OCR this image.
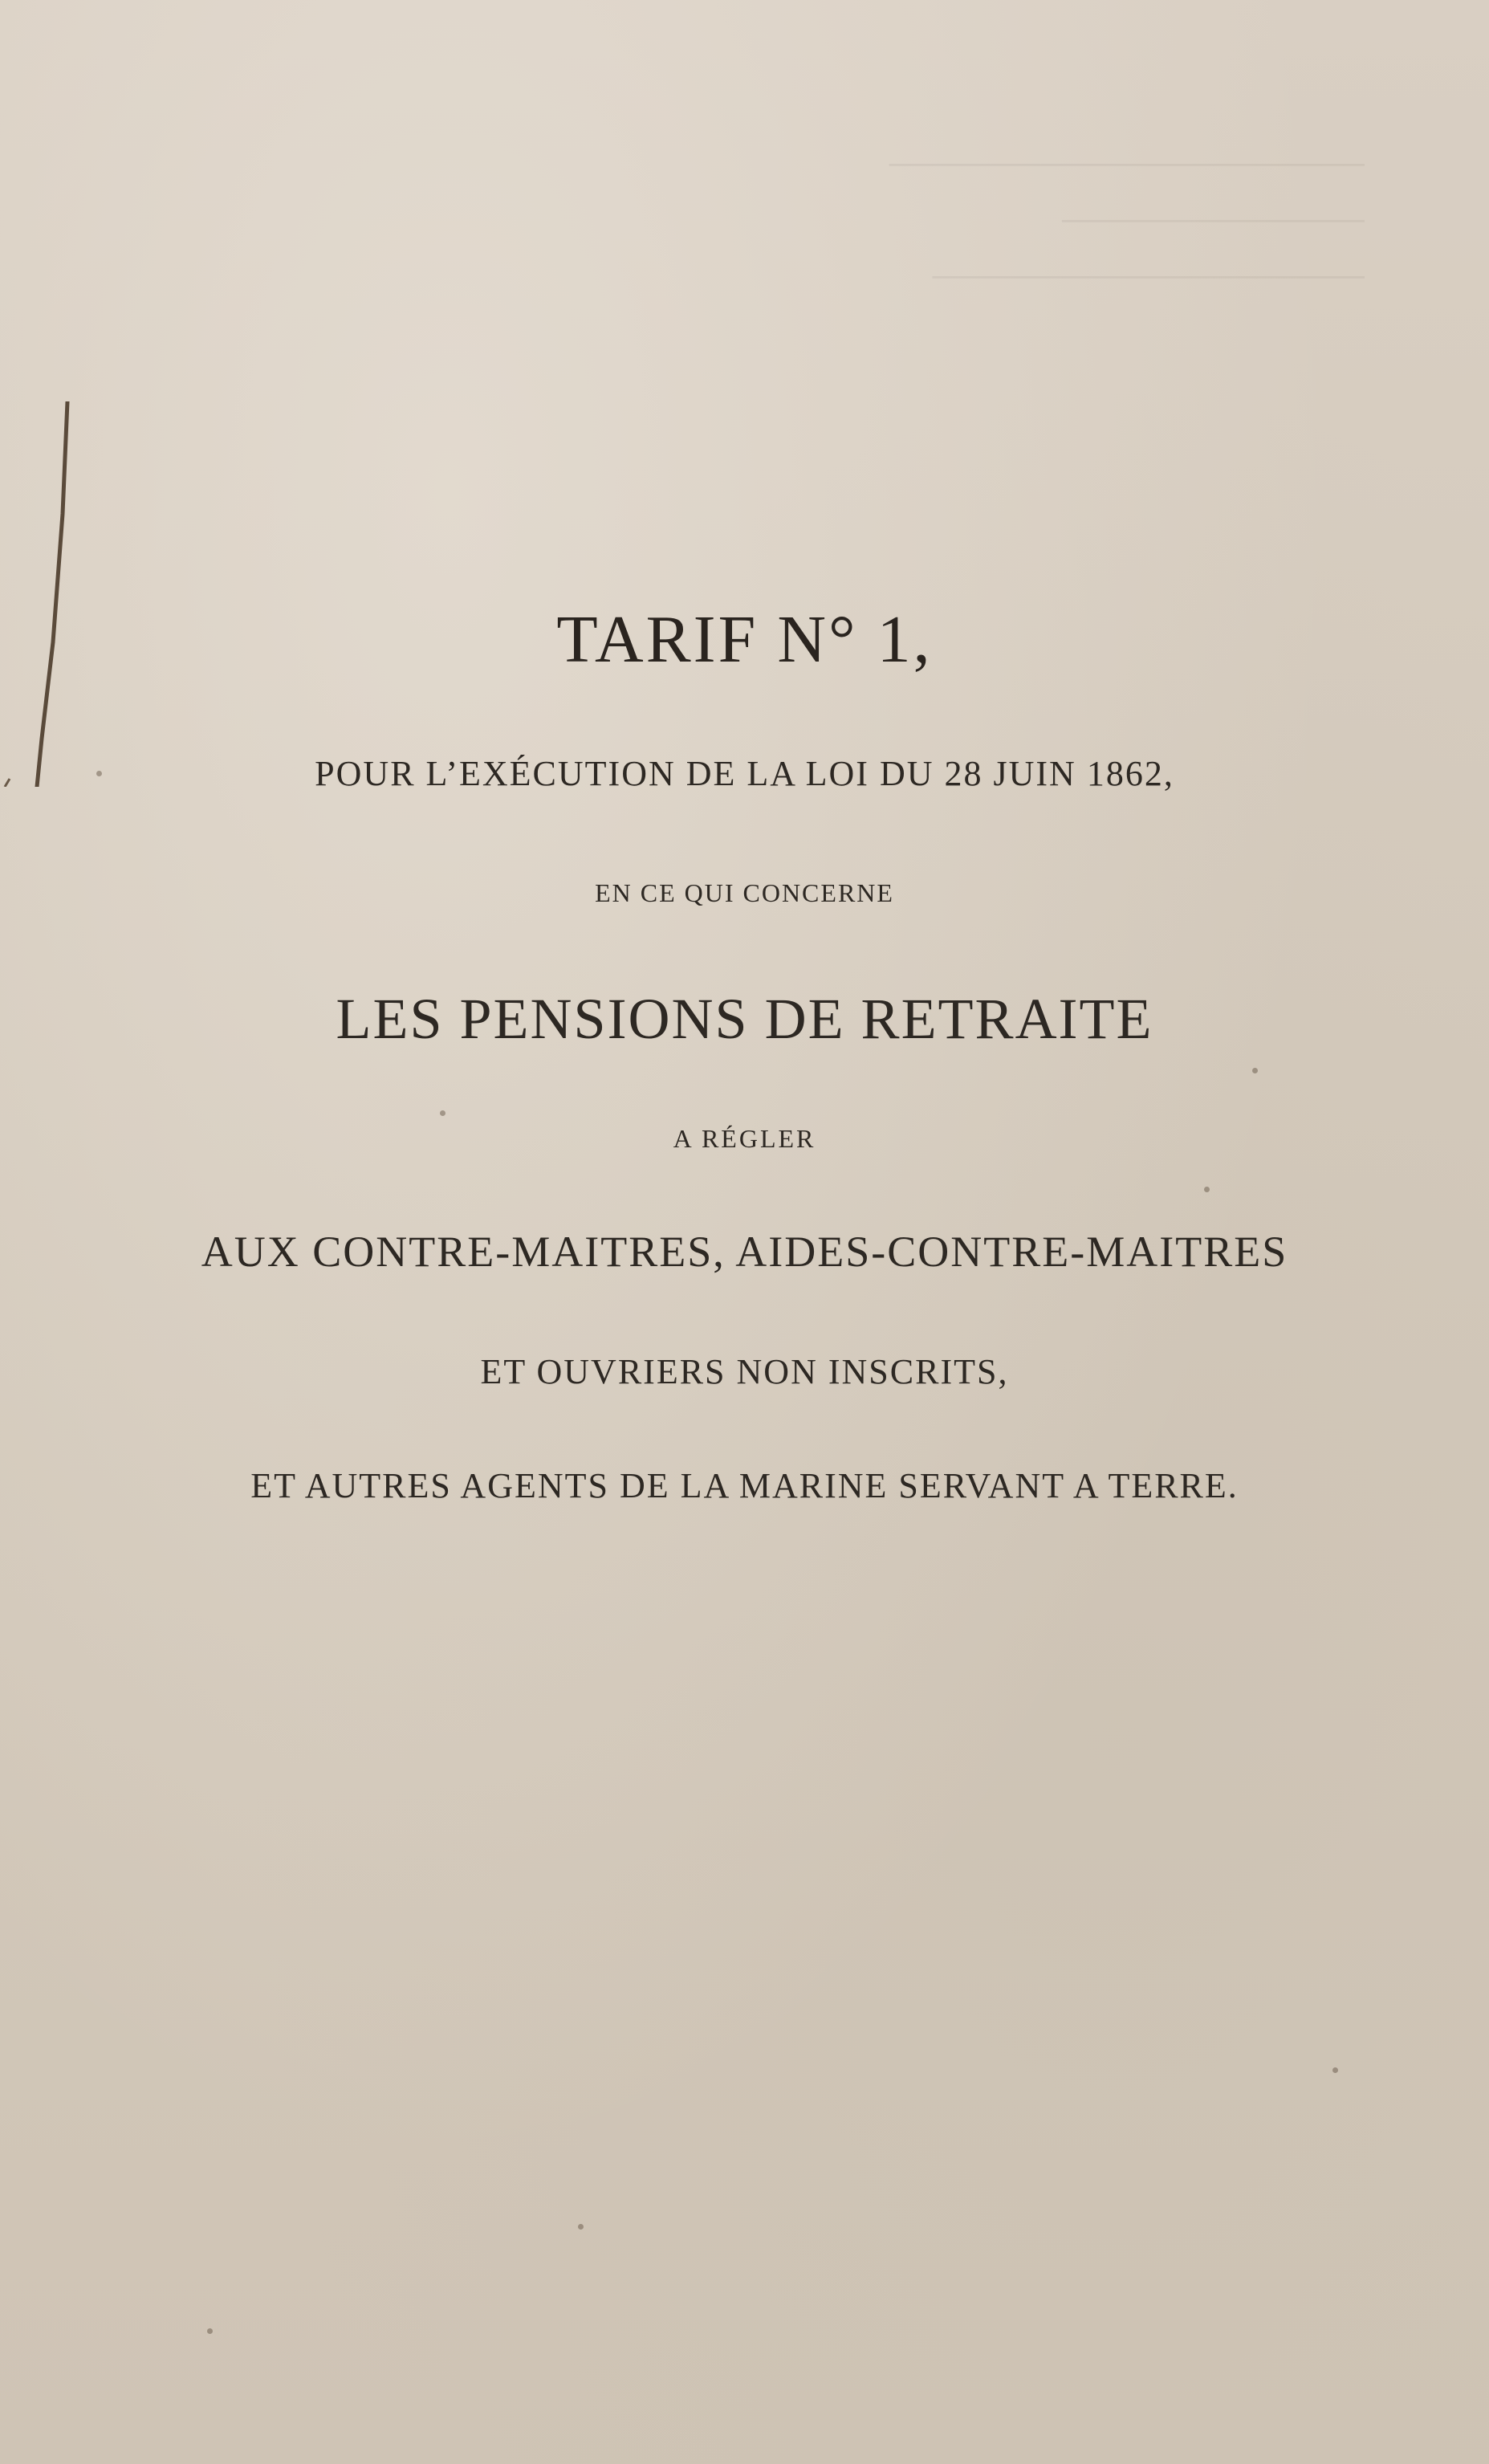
──────────────────────
──────────────
────────────────────
TARIF N° 1,
POUR L’EXÉCUTION DE LA LOI DU 28 JUIN 1862,
EN CE QUI CONCERNE
LES PENSIONS DE RETRAITE
A RÉGLER
AUX CONTRE-MAITRES, AIDES-CONTRE-MAITRES
ET OUVRIERS NON INSCRITS,
ET AUTRES AGENTS DE LA MARINE SERVANT A TERRE.
